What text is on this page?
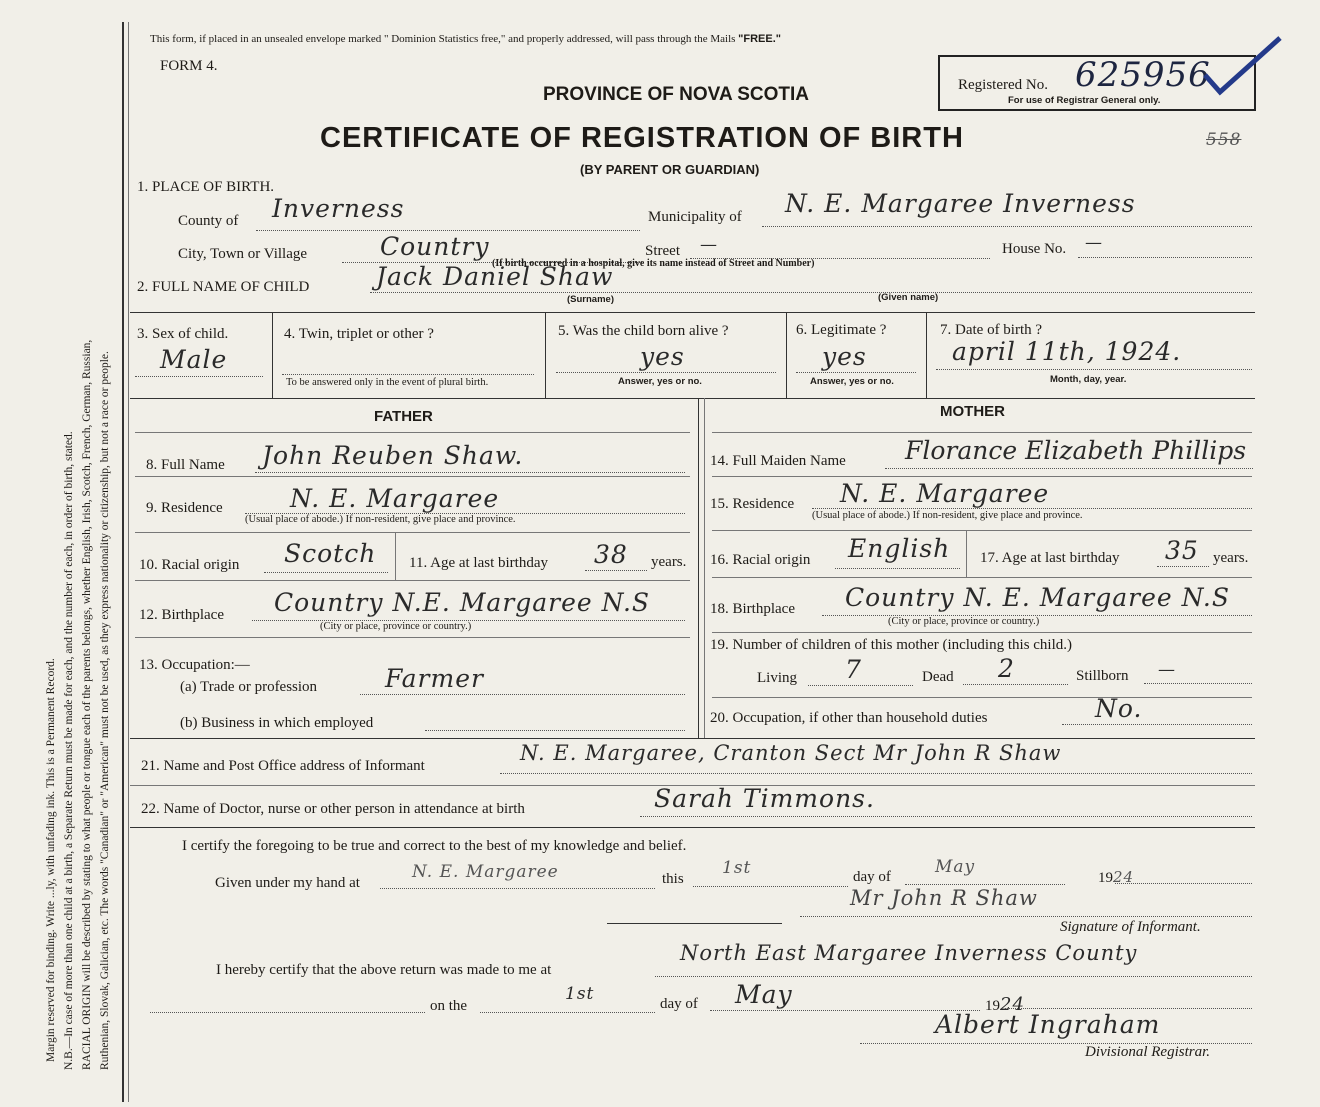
Margin reserved for binding. Write ...ly, with unfading ink. This is a Permanent Record. N.B.—In case of more than one child at a birth, a Separate Return must be made for each, and the number of each, in order of birth, stated. RACIAL ORIGIN will be described by stating to what people or tongue each of the parents belongs, whether English, Irish, Scotch, French, German, Russian, Ruthenian, Slovak, Galician, etc. The words "Canadian" or "American" must not be used, as they express nationality or citizenship, but not a race or people.
This form, if placed in an unsealed envelope marked " Dominion Statistics free," and properly addressed, will pass through the Mails "FREE."
FORM 4.
Registered No. 625956
For use of Registrar General only.
558
PROVINCE OF NOVA SCOTIA
CERTIFICATE OF REGISTRATION OF BIRTH
(BY PARENT OR GUARDIAN)
1. PLACE OF BIRTH.
County of Inverness	Municipality of N. E. Margaree Inverness
City, Town or Village	Country	Street —
(If birth occurred in a hospital, give its name instead of Street and Number)
House No. —
2. FULL NAME OF CHILD	Jack Daniel Shaw
(Surname)	(Given name)
3. Sex of child.
Male
4. Twin, triplet or other ?
To be answered only in the event of plural birth.
5. Was the child born alive ?
yes
Answer, yes or no.
6. Legitimate ?
yes
Answer, yes or no.
7. Date of birth ?
april 11th, 1924.
Month, day, year.
FATHER	MOTHER
8. Full Name John Reuben Shaw.
9. Residence	N. E. Margaree
(Usual place of abode.) If non-resident, give place and province.
10. Racial origin Scotch 11. Age at last birthday 38 years.
12. Birthplace Country N.E. Margaree N.S
(City or place, province or country.)
13. Occupation:—
(a) Trade or profession	Farmer
(b) Business in which employed
14. Full Maiden Name Florance Elizabeth Phillips
15. Residence N. E. Margaree
(Usual place of abode.) If non-resident, give place and province.
16. Racial origin English 17. Age at last birthday 35 years.
18. Birthplace Country N. E. Margaree N.S
(City or place, province or country.)
19. Number of children of this mother (including this child.)
Living 7	Dead 2	Stillborn —
20. Occupation, if other than household duties	No.
21. Name and Post Office address of Informant
N. E. Margaree, Cranton Sect Mr John R Shaw
22. Name of Doctor, nurse or other person in attendance at birth	Sarah Timmons.
I certify the foregoing to be true and correct to the best of my knowledge and belief.
Given under my hand at
N. E. Margaree	this
1st	day of	May
1924
Mr John R Shaw
Signature of Informant.
I hereby certify that the above return was made to me at
North East Margaree Inverness County
on the
1st	day of May	1924
Albert Ingraham
Divisional Registrar.
